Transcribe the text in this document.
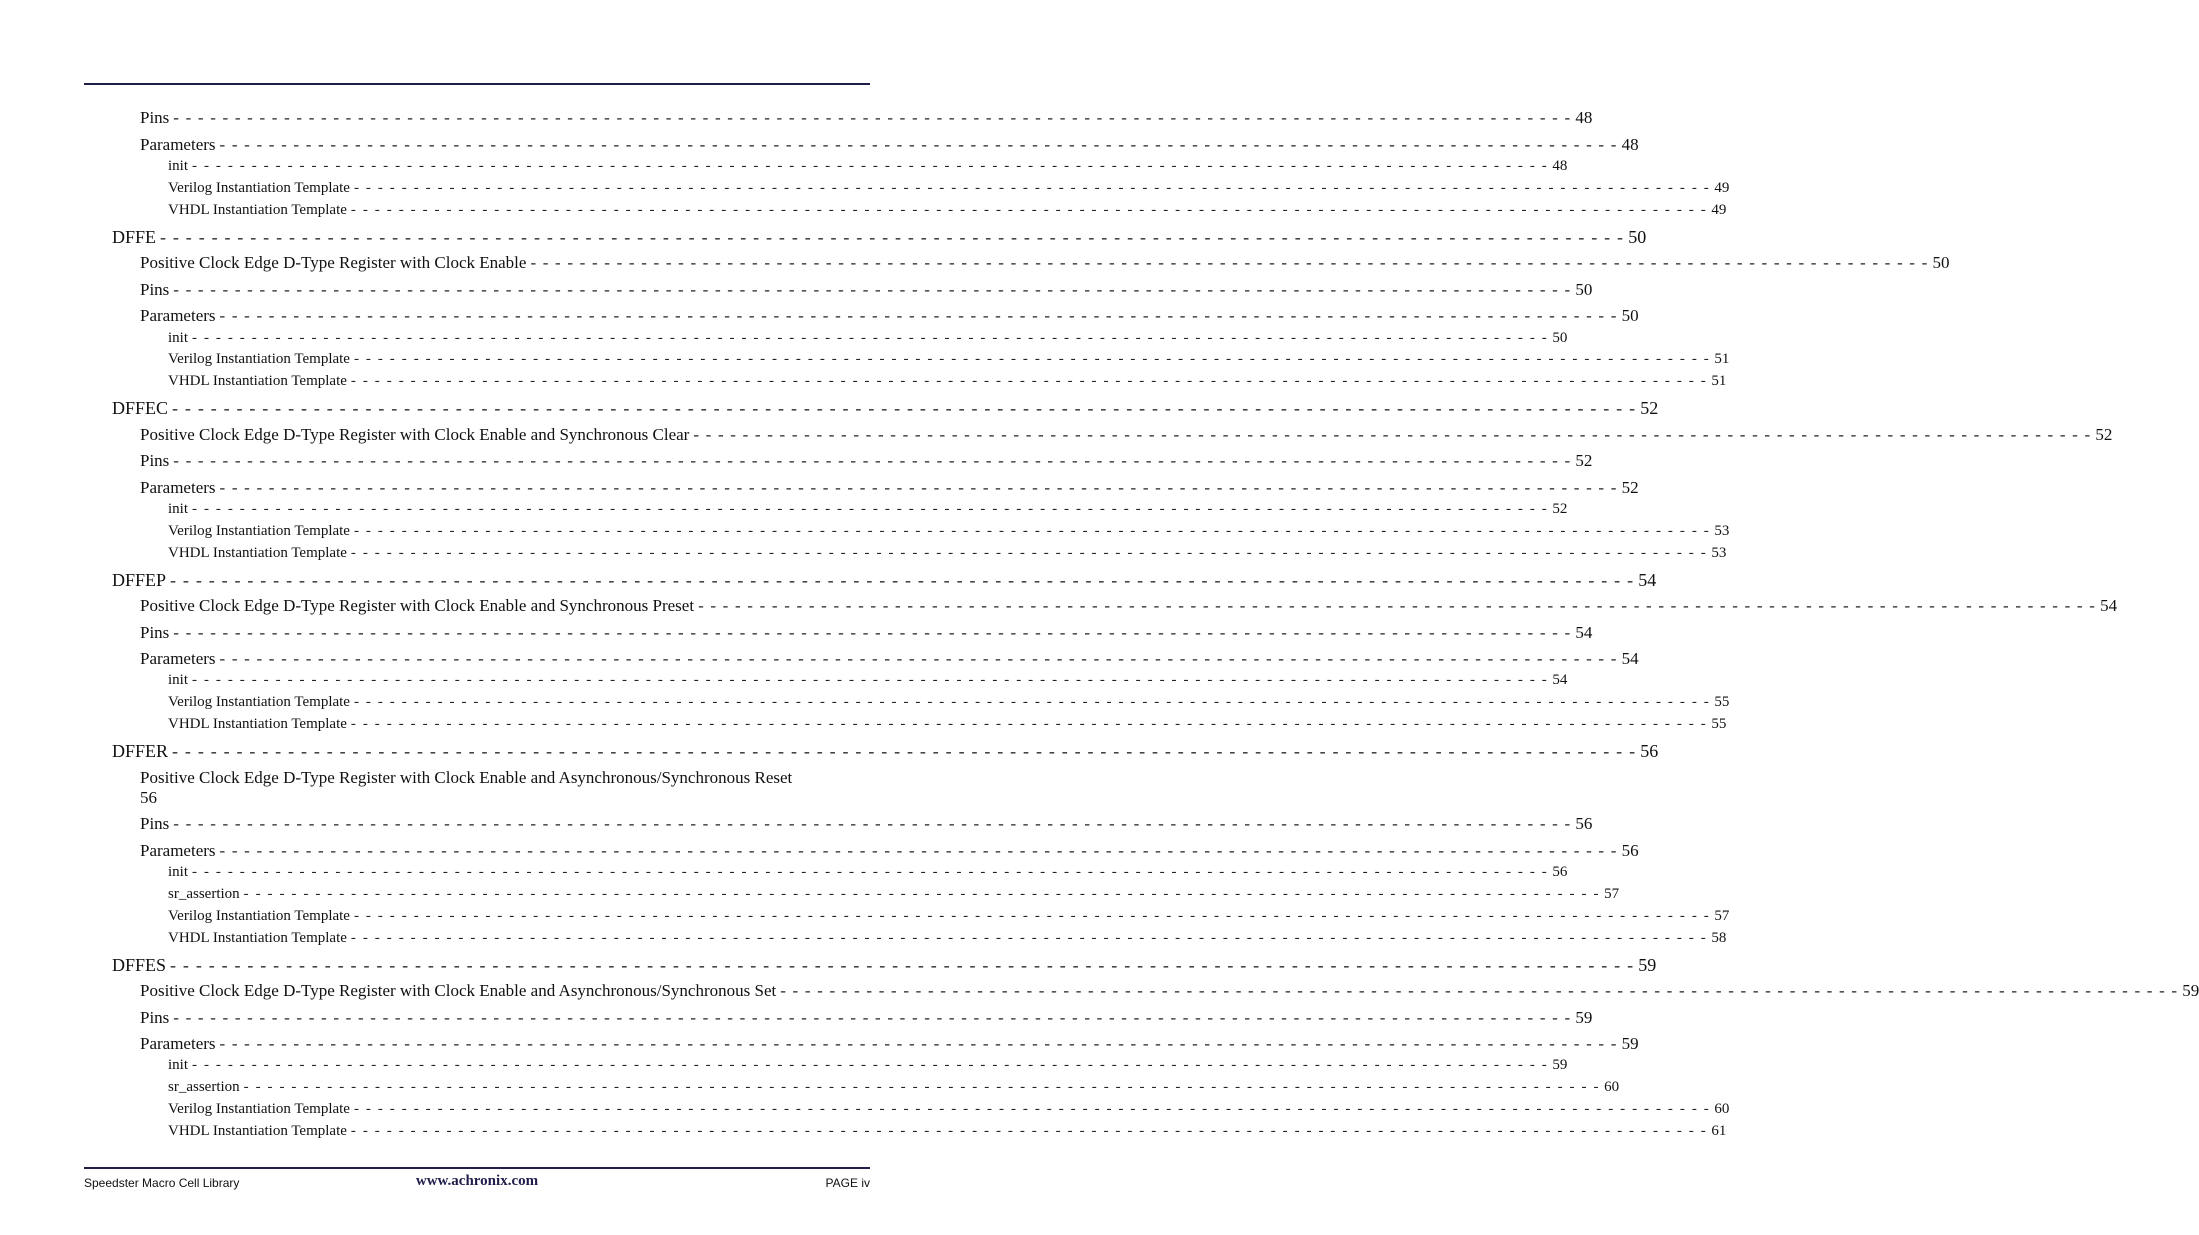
Pins - - - - - - - - - - - - - - - - - - - - - - - - - - - - - - - - - - - - - - - - - - - - - - - - - - - - - - - - - - - - - - - - - - - - - - - - - - - - - - - - - - - - - - - - - - - - - - - - - - - - - - - - - - - - - - - - - - 48
Parameters - - - - - - - - - - - - - - - - - - - - - - - - - - - - - - - - - - - - - - - - - - - - - - - - - - - - - - - - - - - - - - - - - - - - - - - - - - - - - - - - - - - - - - - - - - - - - - - - - - - - - - - - - - - - - - - - - - 48
init - - - - - - - - - - - - - - - - - - - - - - - - - - - - - - - - - - - - - - - - - - - - - - - - - - - - - - - - - - - - - - - - - - - - - - - - - - - - - - - - - - - - - - - - - - - - - - - - - - - - - - - - - - - - - - - - - - 48
Verilog Instantiation Template - - - - - - - - - - - - - - - - - - - - - - - - - - - - - - - - - - - - - - - - - - - - - - - - - - - - - - - - - - - - - - - - - - - - - - - - - - - - - - - - - - - - - - - - - - - - - - - - - - - - - - - - - - - - - - - - - - 49
VHDL Instantiation Template - - - - - - - - - - - - - - - - - - - - - - - - - - - - - - - - - - - - - - - - - - - - - - - - - - - - - - - - - - - - - - - - - - - - - - - - - - - - - - - - - - - - - - - - - - - - - - - - - - - - - - - - - - - - - - - - - - 49
DFFE - - - - - - - - - - - - - - - - - - - - - - - - - - - - - - - - - - - - - - - - - - - - - - - - - - - - - - - - - - - - - - - - - - - - - - - - - - - - - - - - - - - - - - - - - - - - - - - - - - - - - - - - - - - - - - - - - - 50
Positive Clock Edge D-Type Register with Clock Enable - - - - - - - - - - - - - - - - - - - - - - - - - - - - - - - - - - - - - - - - - - - - - - - - - - - - - - - - - - - - - - - - - - - - - - - - - - - - - - - - - - - - - - - - - - - - - - - - - - - - - - - - - - - - - - - - - - 50
Pins - - - - - - - - - - - - - - - - - - - - - - - - - - - - - - - - - - - - - - - - - - - - - - - - - - - - - - - - - - - - - - - - - - - - - - - - - - - - - - - - - - - - - - - - - - - - - - - - - - - - - - - - - - - - - - - - - - 50
Parameters - - - - - - - - - - - - - - - - - - - - - - - - - - - - - - - - - - - - - - - - - - - - - - - - - - - - - - - - - - - - - - - - - - - - - - - - - - - - - - - - - - - - - - - - - - - - - - - - - - - - - - - - - - - - - - - - - - 50
init - - - - - - - - - - - - - - - - - - - - - - - - - - - - - - - - - - - - - - - - - - - - - - - - - - - - - - - - - - - - - - - - - - - - - - - - - - - - - - - - - - - - - - - - - - - - - - - - - - - - - - - - - - - - - - - - - - 50
Verilog Instantiation Template - - - - - - - - - - - - - - - - - - - - - - - - - - - - - - - - - - - - - - - - - - - - - - - - - - - - - - - - - - - - - - - - - - - - - - - - - - - - - - - - - - - - - - - - - - - - - - - - - - - - - - - - - - - - - - - - - - 51
VHDL Instantiation Template - - - - - - - - - - - - - - - - - - - - - - - - - - - - - - - - - - - - - - - - - - - - - - - - - - - - - - - - - - - - - - - - - - - - - - - - - - - - - - - - - - - - - - - - - - - - - - - - - - - - - - - - - - - - - - - - - - 51
DFFEC - - - - - - - - - - - - - - - - - - - - - - - - - - - - - - - - - - - - - - - - - - - - - - - - - - - - - - - - - - - - - - - - - - - - - - - - - - - - - - - - - - - - - - - - - - - - - - - - - - - - - - - - - - - - - - - - - - 52
Positive Clock Edge D-Type Register with Clock Enable and Synchronous Clear - - - - - - - - - - - - - - - - - - - - - - - - - - - - - - - - - - - - - - - - - - - - - - - - - - - - - - - - - - - - - - - - - - - - - - - - - - - - - - - - - - - - - - - - - - - - - - - - - - - - - - - - - - - - - - - - - - 52
Pins - - - - - - - - - - - - - - - - - - - - - - - - - - - - - - - - - - - - - - - - - - - - - - - - - - - - - - - - - - - - - - - - - - - - - - - - - - - - - - - - - - - - - - - - - - - - - - - - - - - - - - - - - - - - - - - - - - 52
Parameters - - - - - - - - - - - - - - - - - - - - - - - - - - - - - - - - - - - - - - - - - - - - - - - - - - - - - - - - - - - - - - - - - - - - - - - - - - - - - - - - - - - - - - - - - - - - - - - - - - - - - - - - - - - - - - - - - - 52
init - - - - - - - - - - - - - - - - - - - - - - - - - - - - - - - - - - - - - - - - - - - - - - - - - - - - - - - - - - - - - - - - - - - - - - - - - - - - - - - - - - - - - - - - - - - - - - - - - - - - - - - - - - - - - - - - - - 52
Verilog Instantiation Template - - - - - - - - - - - - - - - - - - - - - - - - - - - - - - - - - - - - - - - - - - - - - - - - - - - - - - - - - - - - - - - - - - - - - - - - - - - - - - - - - - - - - - - - - - - - - - - - - - - - - - - - - - - - - - - - - - 53
VHDL Instantiation Template - - - - - - - - - - - - - - - - - - - - - - - - - - - - - - - - - - - - - - - - - - - - - - - - - - - - - - - - - - - - - - - - - - - - - - - - - - - - - - - - - - - - - - - - - - - - - - - - - - - - - - - - - - - - - - - - - - 53
DFFEP - - - - - - - - - - - - - - - - - - - - - - - - - - - - - - - - - - - - - - - - - - - - - - - - - - - - - - - - - - - - - - - - - - - - - - - - - - - - - - - - - - - - - - - - - - - - - - - - - - - - - - - - - - - - - - - - - - 54
Positive Clock Edge D-Type Register with Clock Enable and Synchronous Preset - - - - - - - - - - - - - - - - - - - - - - - - - - - - - - - - - - - - - - - - - - - - - - - - - - - - - - - - - - - - - - - - - - - - - - - - - - - - - - - - - - - - - - - - - - - - - - - - - - - - - - - - - - - - - - - - - - 54
Pins - - - - - - - - - - - - - - - - - - - - - - - - - - - - - - - - - - - - - - - - - - - - - - - - - - - - - - - - - - - - - - - - - - - - - - - - - - - - - - - - - - - - - - - - - - - - - - - - - - - - - - - - - - - - - - - - - - 54
Parameters - - - - - - - - - - - - - - - - - - - - - - - - - - - - - - - - - - - - - - - - - - - - - - - - - - - - - - - - - - - - - - - - - - - - - - - - - - - - - - - - - - - - - - - - - - - - - - - - - - - - - - - - - - - - - - - - - - 54
init - - - - - - - - - - - - - - - - - - - - - - - - - - - - - - - - - - - - - - - - - - - - - - - - - - - - - - - - - - - - - - - - - - - - - - - - - - - - - - - - - - - - - - - - - - - - - - - - - - - - - - - - - - - - - - - - - - 54
Verilog Instantiation Template - - - - - - - - - - - - - - - - - - - - - - - - - - - - - - - - - - - - - - - - - - - - - - - - - - - - - - - - - - - - - - - - - - - - - - - - - - - - - - - - - - - - - - - - - - - - - - - - - - - - - - - - - - - - - - - - - - 55
VHDL Instantiation Template - - - - - - - - - - - - - - - - - - - - - - - - - - - - - - - - - - - - - - - - - - - - - - - - - - - - - - - - - - - - - - - - - - - - - - - - - - - - - - - - - - - - - - - - - - - - - - - - - - - - - - - - - - - - - - - - - - 55
DFFER - - - - - - - - - - - - - - - - - - - - - - - - - - - - - - - - - - - - - - - - - - - - - - - - - - - - - - - - - - - - - - - - - - - - - - - - - - - - - - - - - - - - - - - - - - - - - - - - - - - - - - - - - - - - - - - - - - 56
Positive Clock Edge D-Type Register with Clock Enable and Asynchronous/Synchronous Reset
56
Pins - - - - - - - - - - - - - - - - - - - - - - - - - - - - - - - - - - - - - - - - - - - - - - - - - - - - - - - - - - - - - - - - - - - - - - - - - - - - - - - - - - - - - - - - - - - - - - - - - - - - - - - - - - - - - - - - - - 56
Parameters - - - - - - - - - - - - - - - - - - - - - - - - - - - - - - - - - - - - - - - - - - - - - - - - - - - - - - - - - - - - - - - - - - - - - - - - - - - - - - - - - - - - - - - - - - - - - - - - - - - - - - - - - - - - - - - - - - 56
init - - - - - - - - - - - - - - - - - - - - - - - - - - - - - - - - - - - - - - - - - - - - - - - - - - - - - - - - - - - - - - - - - - - - - - - - - - - - - - - - - - - - - - - - - - - - - - - - - - - - - - - - - - - - - - - - - - 56
sr_assertion - - - - - - - - - - - - - - - - - - - - - - - - - - - - - - - - - - - - - - - - - - - - - - - - - - - - - - - - - - - - - - - - - - - - - - - - - - - - - - - - - - - - - - - - - - - - - - - - - - - - - - - - - - - - - - - - - - 57
Verilog Instantiation Template - - - - - - - - - - - - - - - - - - - - - - - - - - - - - - - - - - - - - - - - - - - - - - - - - - - - - - - - - - - - - - - - - - - - - - - - - - - - - - - - - - - - - - - - - - - - - - - - - - - - - - - - - - - - - - - - - - 57
VHDL Instantiation Template - - - - - - - - - - - - - - - - - - - - - - - - - - - - - - - - - - - - - - - - - - - - - - - - - - - - - - - - - - - - - - - - - - - - - - - - - - - - - - - - - - - - - - - - - - - - - - - - - - - - - - - - - - - - - - - - - - 58
DFFES - - - - - - - - - - - - - - - - - - - - - - - - - - - - - - - - - - - - - - - - - - - - - - - - - - - - - - - - - - - - - - - - - - - - - - - - - - - - - - - - - - - - - - - - - - - - - - - - - - - - - - - - - - - - - - - - - - 59
Positive Clock Edge D-Type Register with Clock Enable and Asynchronous/Synchronous Set - - - - - - - - - - - - - - - - - - - - - - - - - - - - - - - - - - - - - - - - - - - - - - - - - - - - - - - - - - - - - - - - - - - - - - - - - - - - - - - - - - - - - - - - - - - - - - - - - - - - - - - - - - - - - - - - - - 59
Pins - - - - - - - - - - - - - - - - - - - - - - - - - - - - - - - - - - - - - - - - - - - - - - - - - - - - - - - - - - - - - - - - - - - - - - - - - - - - - - - - - - - - - - - - - - - - - - - - - - - - - - - - - - - - - - - - - - 59
Parameters - - - - - - - - - - - - - - - - - - - - - - - - - - - - - - - - - - - - - - - - - - - - - - - - - - - - - - - - - - - - - - - - - - - - - - - - - - - - - - - - - - - - - - - - - - - - - - - - - - - - - - - - - - - - - - - - - - 59
init - - - - - - - - - - - - - - - - - - - - - - - - - - - - - - - - - - - - - - - - - - - - - - - - - - - - - - - - - - - - - - - - - - - - - - - - - - - - - - - - - - - - - - - - - - - - - - - - - - - - - - - - - - - - - - - - - - 59
sr_assertion - - - - - - - - - - - - - - - - - - - - - - - - - - - - - - - - - - - - - - - - - - - - - - - - - - - - - - - - - - - - - - - - - - - - - - - - - - - - - - - - - - - - - - - - - - - - - - - - - - - - - - - - - - - - - - - - - - 60
Verilog Instantiation Template - - - - - - - - - - - - - - - - - - - - - - - - - - - - - - - - - - - - - - - - - - - - - - - - - - - - - - - - - - - - - - - - - - - - - - - - - - - - - - - - - - - - - - - - - - - - - - - - - - - - - - - - - - - - - - - - - - 60
VHDL Instantiation Template - - - - - - - - - - - - - - - - - - - - - - - - - - - - - - - - - - - - - - - - - - - - - - - - - - - - - - - - - - - - - - - - - - - - - - - - - - - - - - - - - - - - - - - - - - - - - - - - - - - - - - - - - - - - - - - - - - 61
Speedster Macro Cell Library	www.achronix.com	PAGE iv
